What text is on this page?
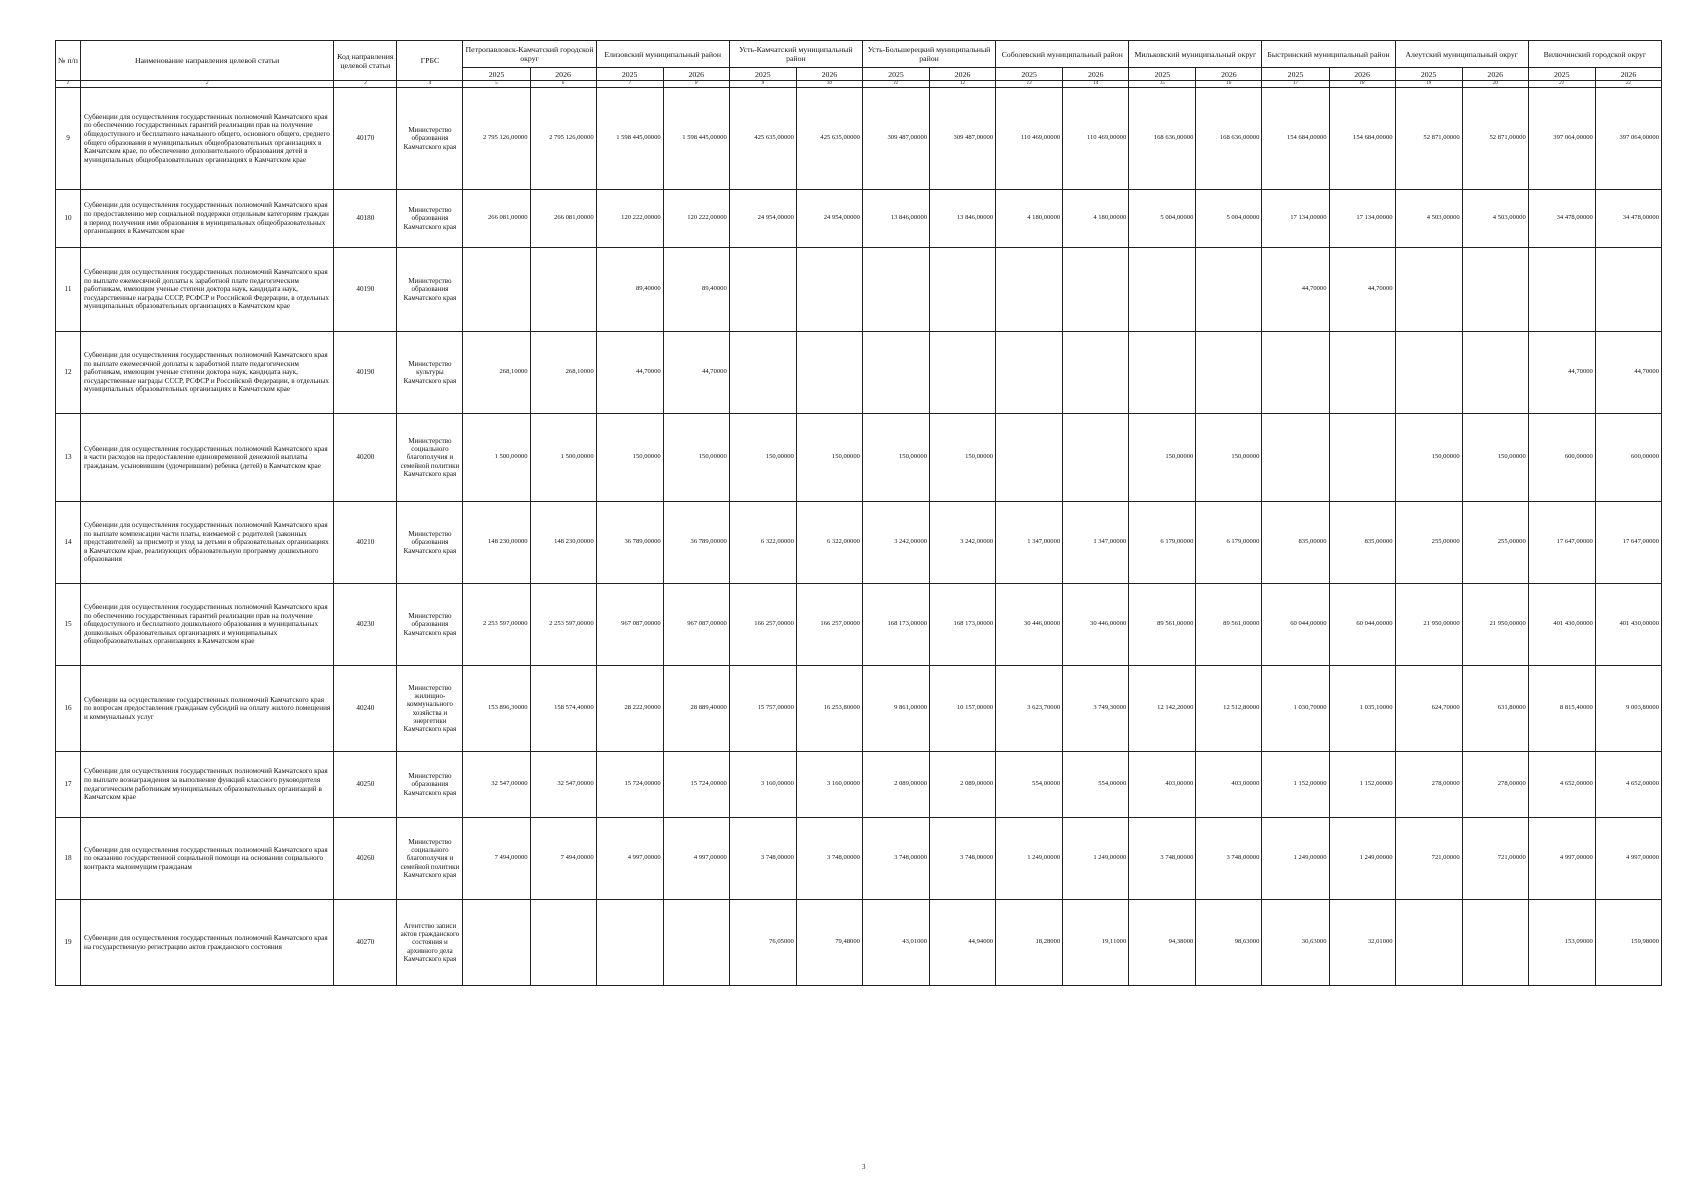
№ п/п	Наименование направления целевой статьи	Код направления целевой статьи	ГРБС	Петропавловск-Камчатский городской округ		Елизовский муниципальный район		Усть-Камчатский муниципальный район		Усть-Большерецкий муниципальный район		Соболевский муниципальный район		Мильковский муниципальный округ		Быстринский муниципальный район		Алеутский муниципальный округ		Вилючинский городской округ	
				2025	2026	2025	2026	2025	2026	2025	2026	2025	2026	2025	2026	2025	2026	2025	2026	2025	2026
1	2	3	4	5	6	7	8	9	10	11	12	13	14	15	16	17	18	19	20	21	22
9	Субвенции для осуществления государственных полномочий Камчатского края по обеспечению государственных гарантий реализации прав на получение общедоступного и бесплатного начального общего, основного общего, среднего общего образования в муниципальных общеобразовательных организациях в Камчатском крае, по обеспечению дополнительного образования детей в муниципальных общеобразовательных организациях в Камчатском крае	40170	Министерство образования Камчатского края	2 795 126,00000	2 795 126,00000	1 598 445,00000	1 598 445,00000	425 635,00000	425 635,00000	309 487,00000	309 487,00000	110 469,00000	110 469,00000	168 636,00000	168 636,00000	154 684,00000	154 684,00000	52 871,00000	52 871,00000	397 064,00000	397 064,00000
10	Субвенции для осуществления государственных полномочий Камчатского края по предоставлению мер социальной поддержки отдельным категориям граждан в период получения ими образования в муниципальных общеобразовательных организациях в Камчатском крае	40180	Министерство образования Камчатского края	266 081,00000	266 081,00000	120 222,00000	120 222,00000	24 954,00000	24 954,00000	13 846,00000	13 846,00000	4 180,00000	4 180,00000	5 004,00000	5 004,00000	17 134,00000	17 134,00000	4 503,00000	4 503,00000	34 478,00000	34 478,00000
11	Субвенции для осуществления государственных полномочий Камчатского края по выплате ежемесячной доплаты к заработной плате педагогическим работникам, имеющим ученые степени доктора наук, кандидата наук, государственные награды СССР, РСФСР и Российской Федерации, в отдельных муниципальных образовательных организациях в Камчатском крае	40190	Министерство образования Камчатского края			89,40000	89,40000									44,70000	44,70000				
12	Субвенции для осуществления государственных полномочий Камчатского края по выплате ежемесячной доплаты к заработной плате педагогическим работникам, имеющим ученые степени доктора наук, кандидата наук, государственные награды СССР, РСФСР и Российской Федерации, в отдельных муниципальных образовательных организациях в Камчатском крае	40190	Министерство культуры Камчатского края	268,10000	268,10000	44,70000	44,70000													44,70000	44,70000
13	Субвенции для осуществления государственных полномочий Камчатского края в части расходов на предоставление единовременной денежной выплаты гражданам, усыновившим (удочерившим) ребенка (детей) в Камчатском крае	40200	Министерство социального благополучия и семейной политики Камчатского края	1 500,00000	1 500,00000	150,00000	150,00000	150,00000	150,00000	150,00000	150,00000			150,00000	150,00000			150,00000	150,00000	600,00000	600,00000
14	Субвенции для осуществления государственных полномочий Камчатского края по выплате компенсации части платы, взимаемой с родителей (законных представителей) за присмотр и уход за детьми в образовательных организациях в Камчатском крае, реализующих образовательную программу дошкольного образования	40210	Министерство образования Камчатского края	148 230,00000	148 230,00000	36 789,00000	36 789,00000	6 322,00000	6 322,00000	3 242,00000	3 242,00000	1 347,00000	1 347,00000	6 179,00000	6 179,00000	835,00000	835,00000	255,00000	255,00000	17 647,00000	17 647,00000
15	Субвенции для осуществления государственных полномочий Камчатского края по обеспечению государственных гарантий реализации прав на получение общедоступного и бесплатного дошкольного образования в муниципальных дошкольных образовательных организациях и муниципальных общеобразовательных организациях в Камчатском крае	40230	Министерство образования Камчатского края	2 253 597,00000	2 253 597,00000	967 087,00000	967 087,00000	166 257,00000	166 257,00000	168 173,00000	168 173,00000	30 446,00000	30 446,00000	89 561,00000	89 561,00000	60 044,00000	60 044,00000	21 950,00000	21 950,00000	401 430,00000	401 430,00000
16	Субвенции на осуществление государственных полномочий Камчатского края по вопросам предоставления гражданам субсидий на оплату жилого помещения и коммунальных услуг	40240	Министерство жилищно-коммунального хозяйства и энергетики Камчатского края	153 896,30000	158 574,40000	28 222,90000	28 889,40000	15 757,00000	16 253,80000	9 861,00000	10 157,00000	3 623,70000	3 749,30000	12 142,20000	12 512,80000	1 030,70000	1 035,10000	624,70000	631,80000	8 815,40000	9 003,80000
17	Субвенции для осуществления государственных полномочий Камчатского края по выплате вознаграждения за выполнение функций классного руководителя педагогическим работникам муниципальных образовательных организаций в Камчатском крае	40250	Министерство образования Камчатского края	32 547,00000	32 547,00000	15 724,00000	15 724,00000	3 160,00000	3 160,00000	2 089,00000	2 089,00000	554,00000	554,00000	403,00000	403,00000	1 152,00000	1 152,00000	278,00000	278,00000	4 652,00000	4 652,00000
18	Субвенции для осуществления государственных полномочий Камчатского края по оказанию государственной социальной помощи на основании социального контракта малоимущим гражданам	40260	Министерство социального благополучия и семейной политики Камчатского края	7 494,00000	7 494,00000	4 997,00000	4 997,00000	3 748,00000	3 748,00000	3 748,00000	3 748,00000	1 249,00000	1 249,00000	3 748,00000	3 748,00000	1 249,00000	1 249,00000	721,00000	721,00000	4 997,00000	4 997,00000
19	Субвенции для осуществления государственных полномочий Камчатского края на государственную регистрацию актов гражданского состояния	40270	Агентство записи актов гражданского состояния и архивного дела Камчатского края					76,05000	79,48000	43,01000	44,94000	18,28000	19,11000	94,38000	98,63000	30,63000	32,01000			153,09000	159,98000
3
